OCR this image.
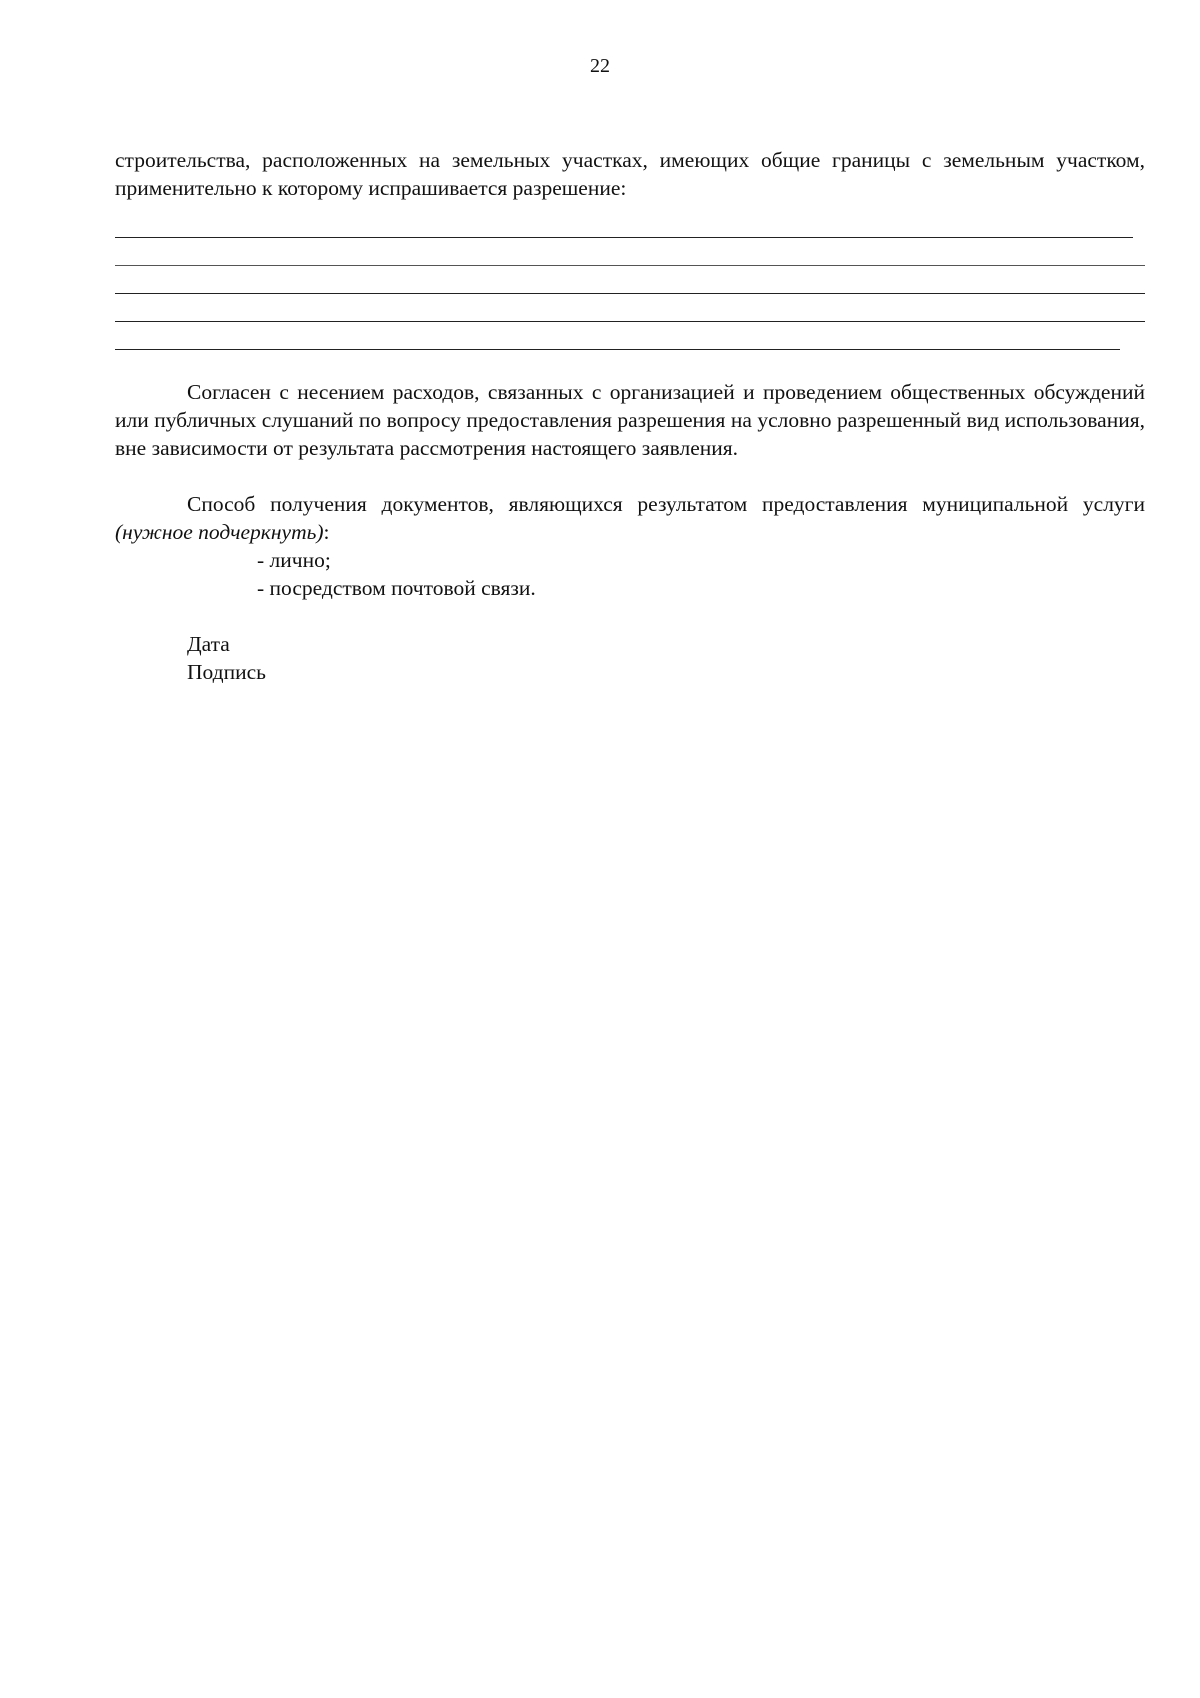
22

строительства, расположенных на земельных участках, имеющих общие границы с земельным участком, применительно к которому испрашивается разрешение:

Согласен с несением расходов, связанных с организацией и проведением общественных обсуждений или публичных слушаний по вопросу предоставления разрешения на условно разрешенный вид использования, вне зависимости от результата рассмотрения настоящего заявления.

Способ получения документов, являющихся результатом предоставления муниципальной услуги (нужное подчеркнуть):

- лично;
- посредством почтовой связи.
Дата
Подпись
